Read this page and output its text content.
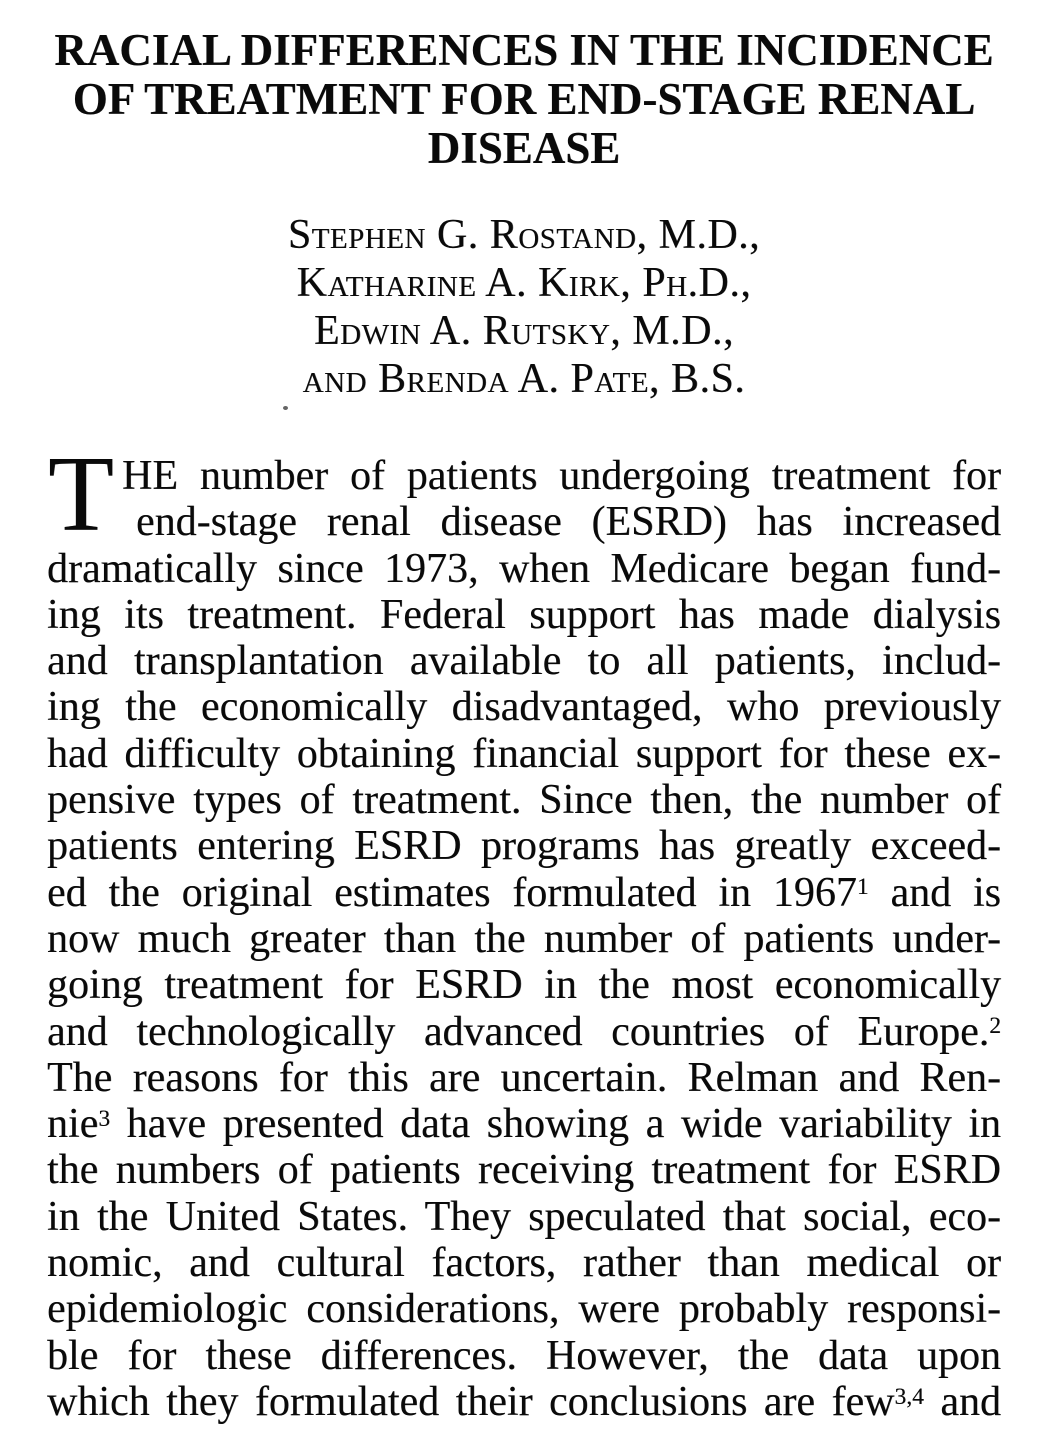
RACIAL DIFFERENCES IN THE INCIDENCE
OF TREATMENT FOR END-STAGE RENAL
DISEASE
Stephen G. Rostand, M.D.,
Katharine A. Kirk, Ph.D.,
Edwin A. Rutsky, M.D.,
and Brenda A. Pate, B.S.
T HE number of patients undergoing treatment for
end-stage renal disease (ESRD) has increased
dramatically since 1973, when Medicare began fund-
ing its treatment. Federal support has made dialysis
and transplantation available to all patients, includ-
ing the economically disadvantaged, who previously
had difficulty obtaining financial support for these ex-
pensive types of treatment. Since then, the number of
patients entering ESRD programs has greatly exceed-
ed the original estimates formulated in 1967$^1$ and is
now much greater than the number of patients under-
going treatment for ESRD in the most economically
and technologically advanced countries of Europe.$^2$
The reasons for this are uncertain. Relman and Ren-
nie$^3$ have presented data showing a wide variability in
the numbers of patients receiving treatment for ESRD
in the United States. They speculated that social, eco-
nomic, and cultural factors, rather than medical or
epidemiologic considerations, were probably responsi-
ble for these differences. However, the data upon
which they formulated their conclusions are few$^{3,4}$ and
